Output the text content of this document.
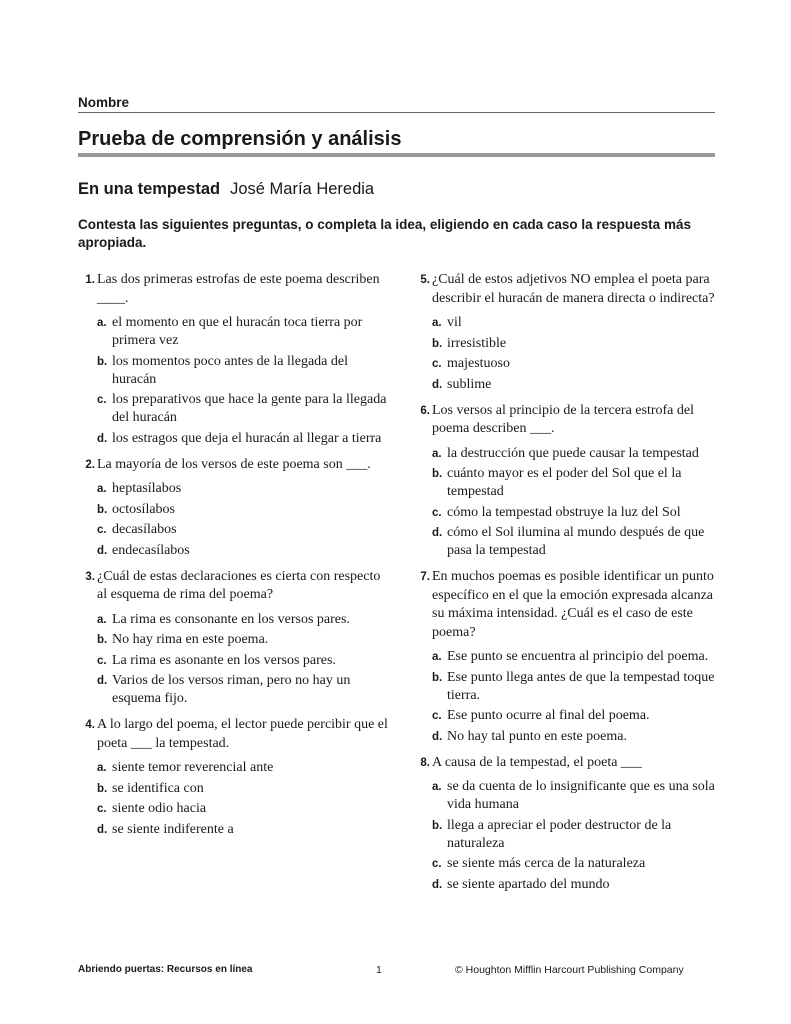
Nombre
Prueba de comprensión y análisis
En una tempestad José María Heredia
Contesta las siguientes preguntas, o completa la idea, eligiendo en cada caso la respuesta más apropiada.
1. Las dos primeras estrofas de este poema describen ____.
a. el momento en que el huracán toca tierra por primera vez
b. los momentos poco antes de la llegada del huracán
c. los preparativos que hace la gente para la llegada del huracán
d. los estragos que deja el huracán al llegar a tierra
2. La mayoría de los versos de este poema son ___.
a. heptasílabos
b. octosílabos
c. decasílabos
d. endecasílabos
3. ¿Cuál de estas declaraciones es cierta con respecto al esquema de rima del poema?
a. La rima es consonante en los versos pares.
b. No hay rima en este poema.
c. La rima es asonante en los versos pares.
d. Varios de los versos riman, pero no hay un esquema fijo.
4. A lo largo del poema, el lector puede percibir que el poeta ___ la tempestad.
a. siente temor reverencial ante
b. se identifica con
c. siente odio hacia
d. se siente indiferente a
5. ¿Cuál de estos adjetivos NO emplea el poeta para describir el huracán de manera directa o indirecta?
a. vil
b. irresistible
c. majestuoso
d. sublime
6. Los versos al principio de la tercera estrofa del poema describen ___.
a. la destrucción que puede causar la tempestad
b. cuánto mayor es el poder del Sol que el la tempestad
c. cómo la tempestad obstruye la luz del Sol
d. cómo el Sol ilumina al mundo después de que pasa la tempestad
7. En muchos poemas es posible identificar un punto específico en el que la emoción expresada alcanza su máxima intensidad. ¿Cuál es el caso de este poema?
a. Ese punto se encuentra al principio del poema.
b. Ese punto llega antes de que la tempestad toque tierra.
c. Ese punto ocurre al final del poema.
d. No hay tal punto en este poema.
8. A causa de la tempestad, el poeta ___
a. se da cuenta de lo insignificante que es una sola vida humana
b. llega a apreciar el poder destructor de la naturaleza
c. se siente más cerca de la naturaleza
d. se siente apartado del mundo
Abriendo puertas: Recursos en línea	1	© Houghton Mifflin Harcourt Publishing Company
